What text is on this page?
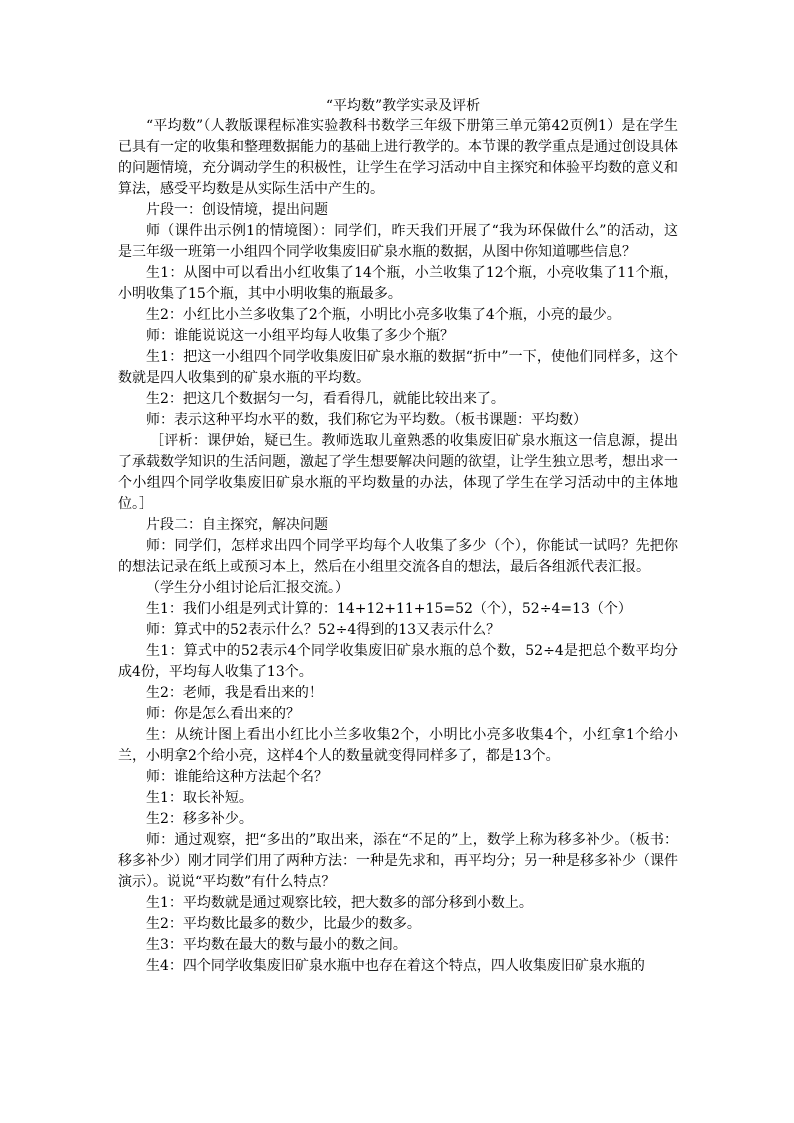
“平均数”教学实录及评析

“平均数”（人教版课程标准实验教科书数学三年级下册第三单元第42页例1）是在学生已具有一定的收集和整理数据能力的基础上进行教学的。本节课的教学重点是通过创设具体的问题情境，充分调动学生的积极性，让学生在学习活动中自主探究和体验平均数的意义和算法，感受平均数是从实际生活中产生的。

片段一：创设情境，提出问题

师（课件出示例1的情境图）：同学们，昨天我们开展了“我为环保做什么”的活动，这是三年级一班第一小组四个同学收集废旧矿泉水瓶的数据，从图中你知道哪些信息？

生1：从图中可以看出小红收集了14个瓶，小兰收集了12个瓶，小亮收集了11个瓶，小明收集了15个瓶，其中小明收集的瓶最多。

生2：小红比小兰多收集了2个瓶，小明比小亮多收集了4个瓶，小亮的最少。

师：谁能说说这一小组平均每人收集了多少个瓶？

生1：把这一小组四个同学收集废旧矿泉水瓶的数据“折中”一下，使他们同样多，这个数就是四人收集到的矿泉水瓶的平均数。

生2：把这几个数据匀一匀，看看得几，就能比较出来了。

师：表示这种平均水平的数，我们称它为平均数。（板书课题：平均数）

［评析：课伊始，疑已生。教师选取儿童熟悉的收集废旧矿泉水瓶这一信息源，提出了承载数学知识的生活问题，激起了学生想要解决问题的欲望，让学生独立思考，想出求一个小组四个同学收集废旧矿泉水瓶的平均数量的办法，体现了学生在学习活动中的主体地位。］

片段二：自主探究，解决问题

师：同学们，怎样求出四个同学平均每个人收集了多少（个），你能试一试吗？先把你的想法记录在纸上或预习本上，然后在小组里交流各自的想法，最后各组派代表汇报。

（学生分小组讨论后汇报交流。）

生1：我们小组是列式计算的：14+12+11+15=52（个），52÷4=13（个）

师：算式中的52表示什么？52÷4得到的13又表示什么？

生1：算式中的52表示4个同学收集废旧矿泉水瓶的总个数，52÷4是把总个数平均分成4份，平均每人收集了13个。

生2：老师，我是看出来的！

师：你是怎么看出来的？

生：从统计图上看出小红比小兰多收集2个，小明比小亮多收集4个，小红拿1个给小兰，小明拿2个给小亮，这样4个人的数量就变得同样多了，都是13个。

师：谁能给这种方法起个名？

生1：取长补短。

生2：移多补少。

师：通过观察，把“多出的”取出来，添在“不足的”上，数学上称为移多补少。（板书：移多补少）刚才同学们用了两种方法：一种是先求和，再平均分；另一种是移多补少（课件演示）。说说“平均数”有什么特点？

生1：平均数就是通过观察比较，把大数多的部分移到小数上。

生2：平均数比最多的数少，比最少的数多。

生3：平均数在最大的数与最小的数之间。

生4：四个同学收集废旧矿泉水瓶中也存在着这个特点，四人收集废旧矿泉水瓶的
